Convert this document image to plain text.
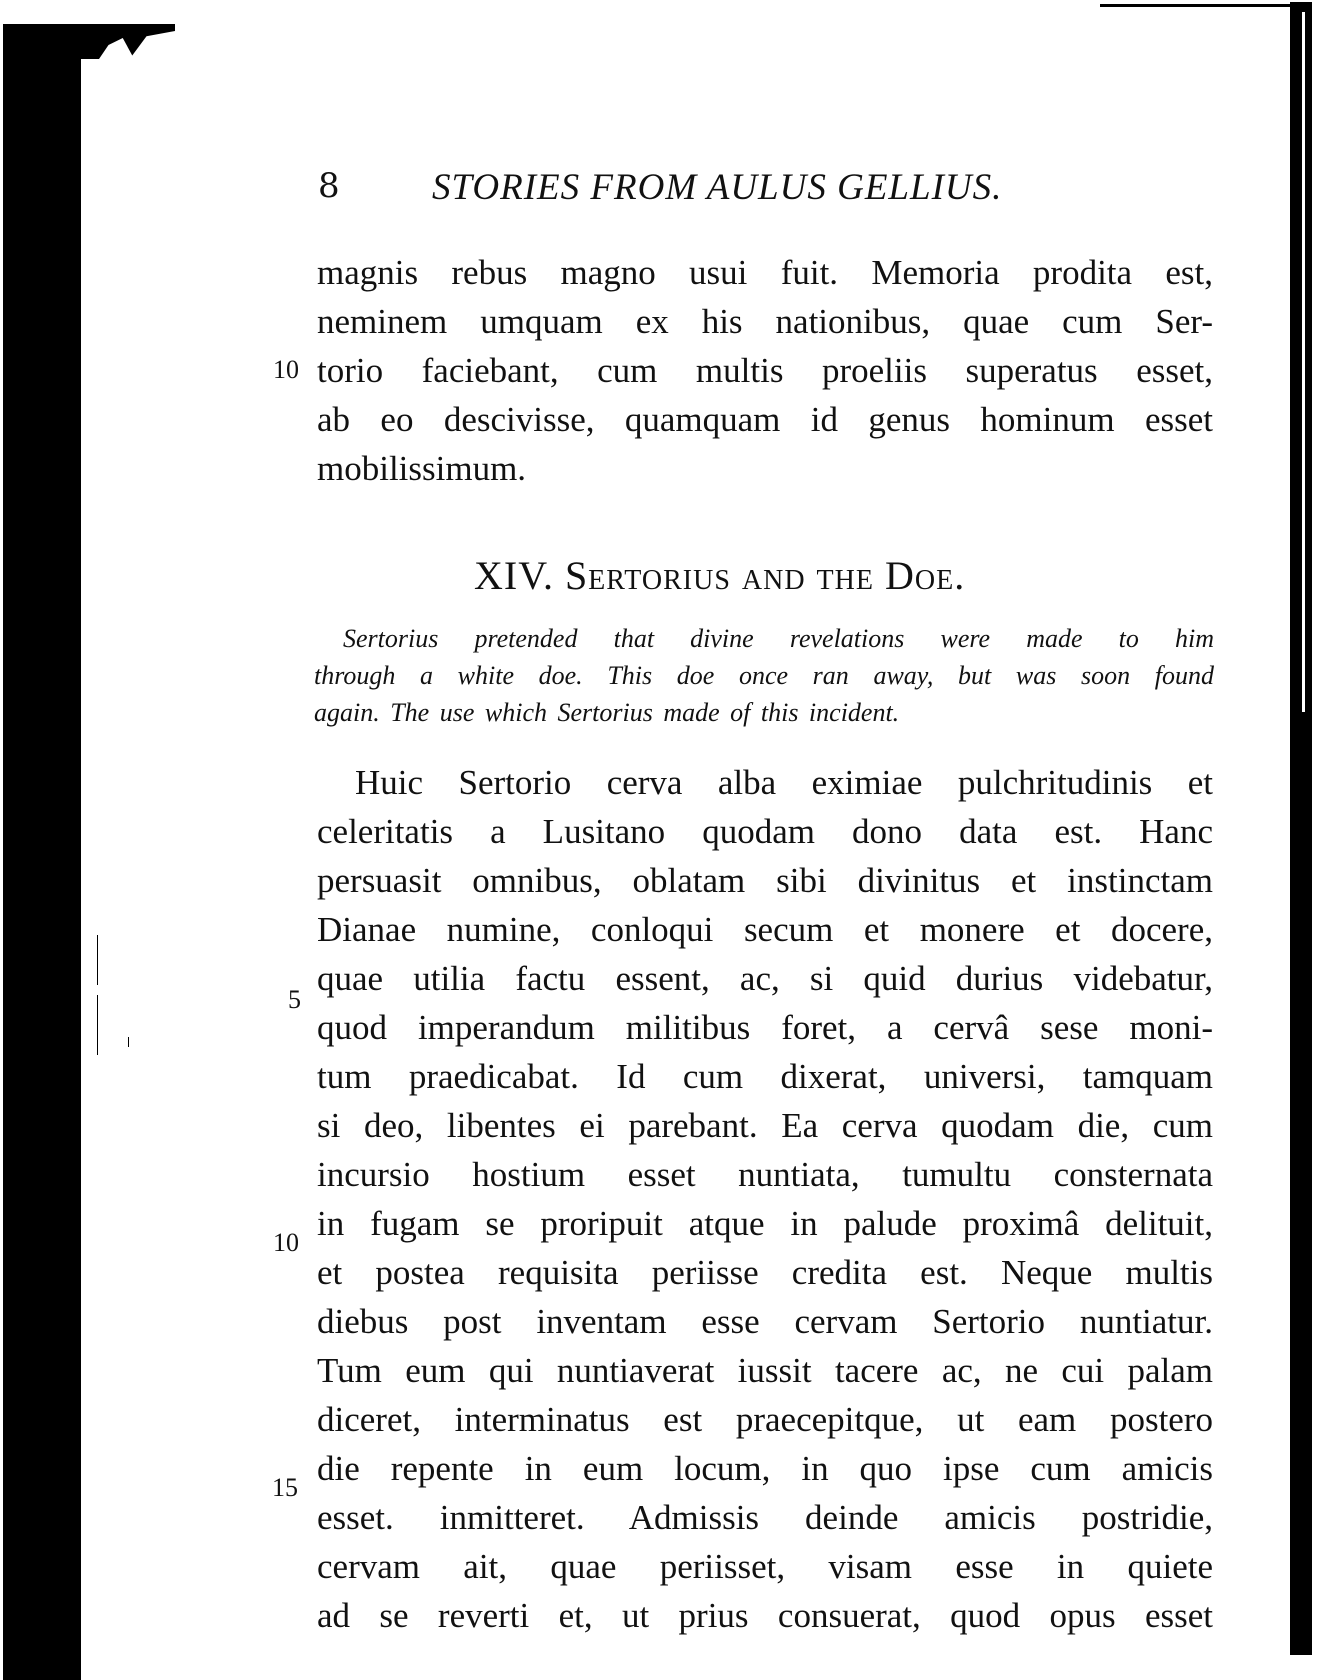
8 STORIES FROM AULUS GELLIUS.
magnis rebus magno usui fuit. Memoria prodita est,
neminem umquam ex his nationibus, quae cum Ser-
torio faciebant, cum multis proeliis superatus esset,
ab eo descivisse, quamquam id genus hominum esset
mobilissimum.
10
XIV. Sertorius and the Doe.
Sertorius pretended that divine revelations were made to him
through a white doe. This doe once ran away, but was soon found
again. The use which Sertorius made of this incident.
Huic Sertorio cerva alba eximiae pulchritudinis et
celeritatis a Lusitano quodam dono data est. Hanc
persuasit omnibus, oblatam sibi divinitus et instinctam
Dianae numine, conloqui secum et monere et docere,
quae utilia factu essent, ac, si quid durius videbatur,
quod imperandum militibus foret, a cervâ sese moni-
tum praedicabat. Id cum dixerat, universi, tamquam
si deo, libentes ei parebant. Ea cerva quodam die, cum
incursio hostium esset nuntiata, tumultu consternata
in fugam se proripuit atque in palude proximâ delituit,
et postea requisita periisse credita est. Neque multis
diebus post inventam esse cervam Sertorio nuntiatur.
Tum eum qui nuntiaverat iussit tacere ac, ne cui palam
diceret, interminatus est praecepitque, ut eam postero
die repente in eum locum, in quo ipse cum amicis
esset. inmitteret. Admissis deinde amicis postridie,
cervam ait, quae periisset, visam esse in quiete
ad se reverti et, ut prius consuerat, quod opus esset
5
10
15
